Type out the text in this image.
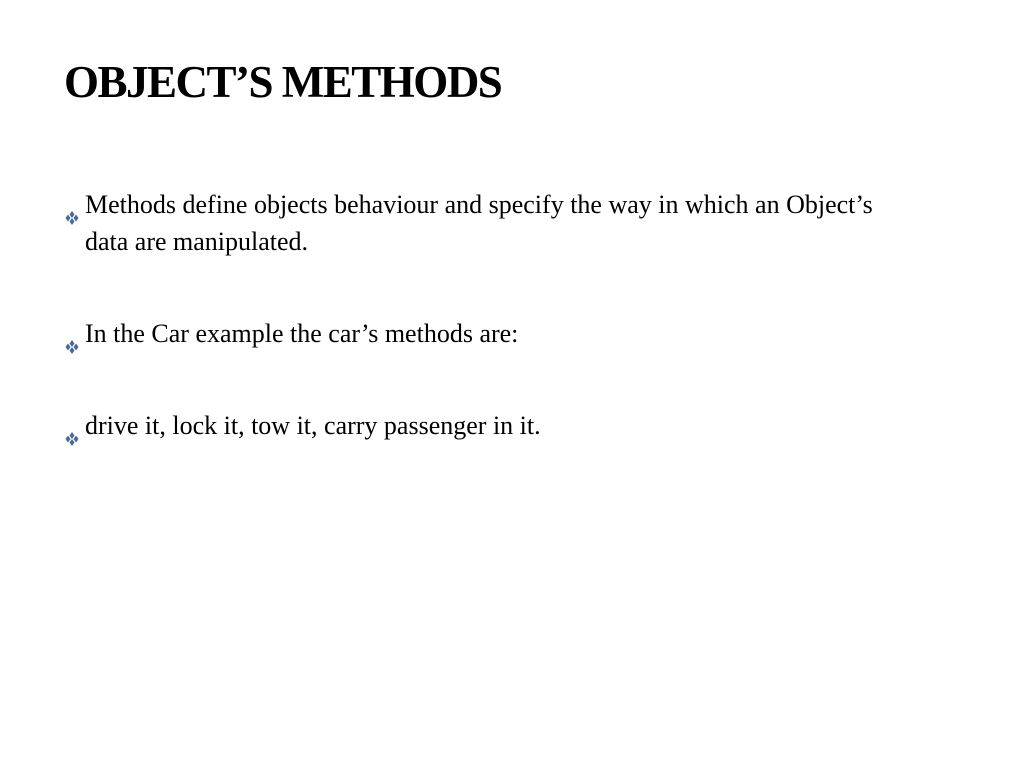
OBJECT’S METHODS
Methods define objects behaviour and specify the way in which an Object’s data are manipulated.
In the Car example the car’s methods are:
drive it, lock it, tow it, carry passenger in it.
